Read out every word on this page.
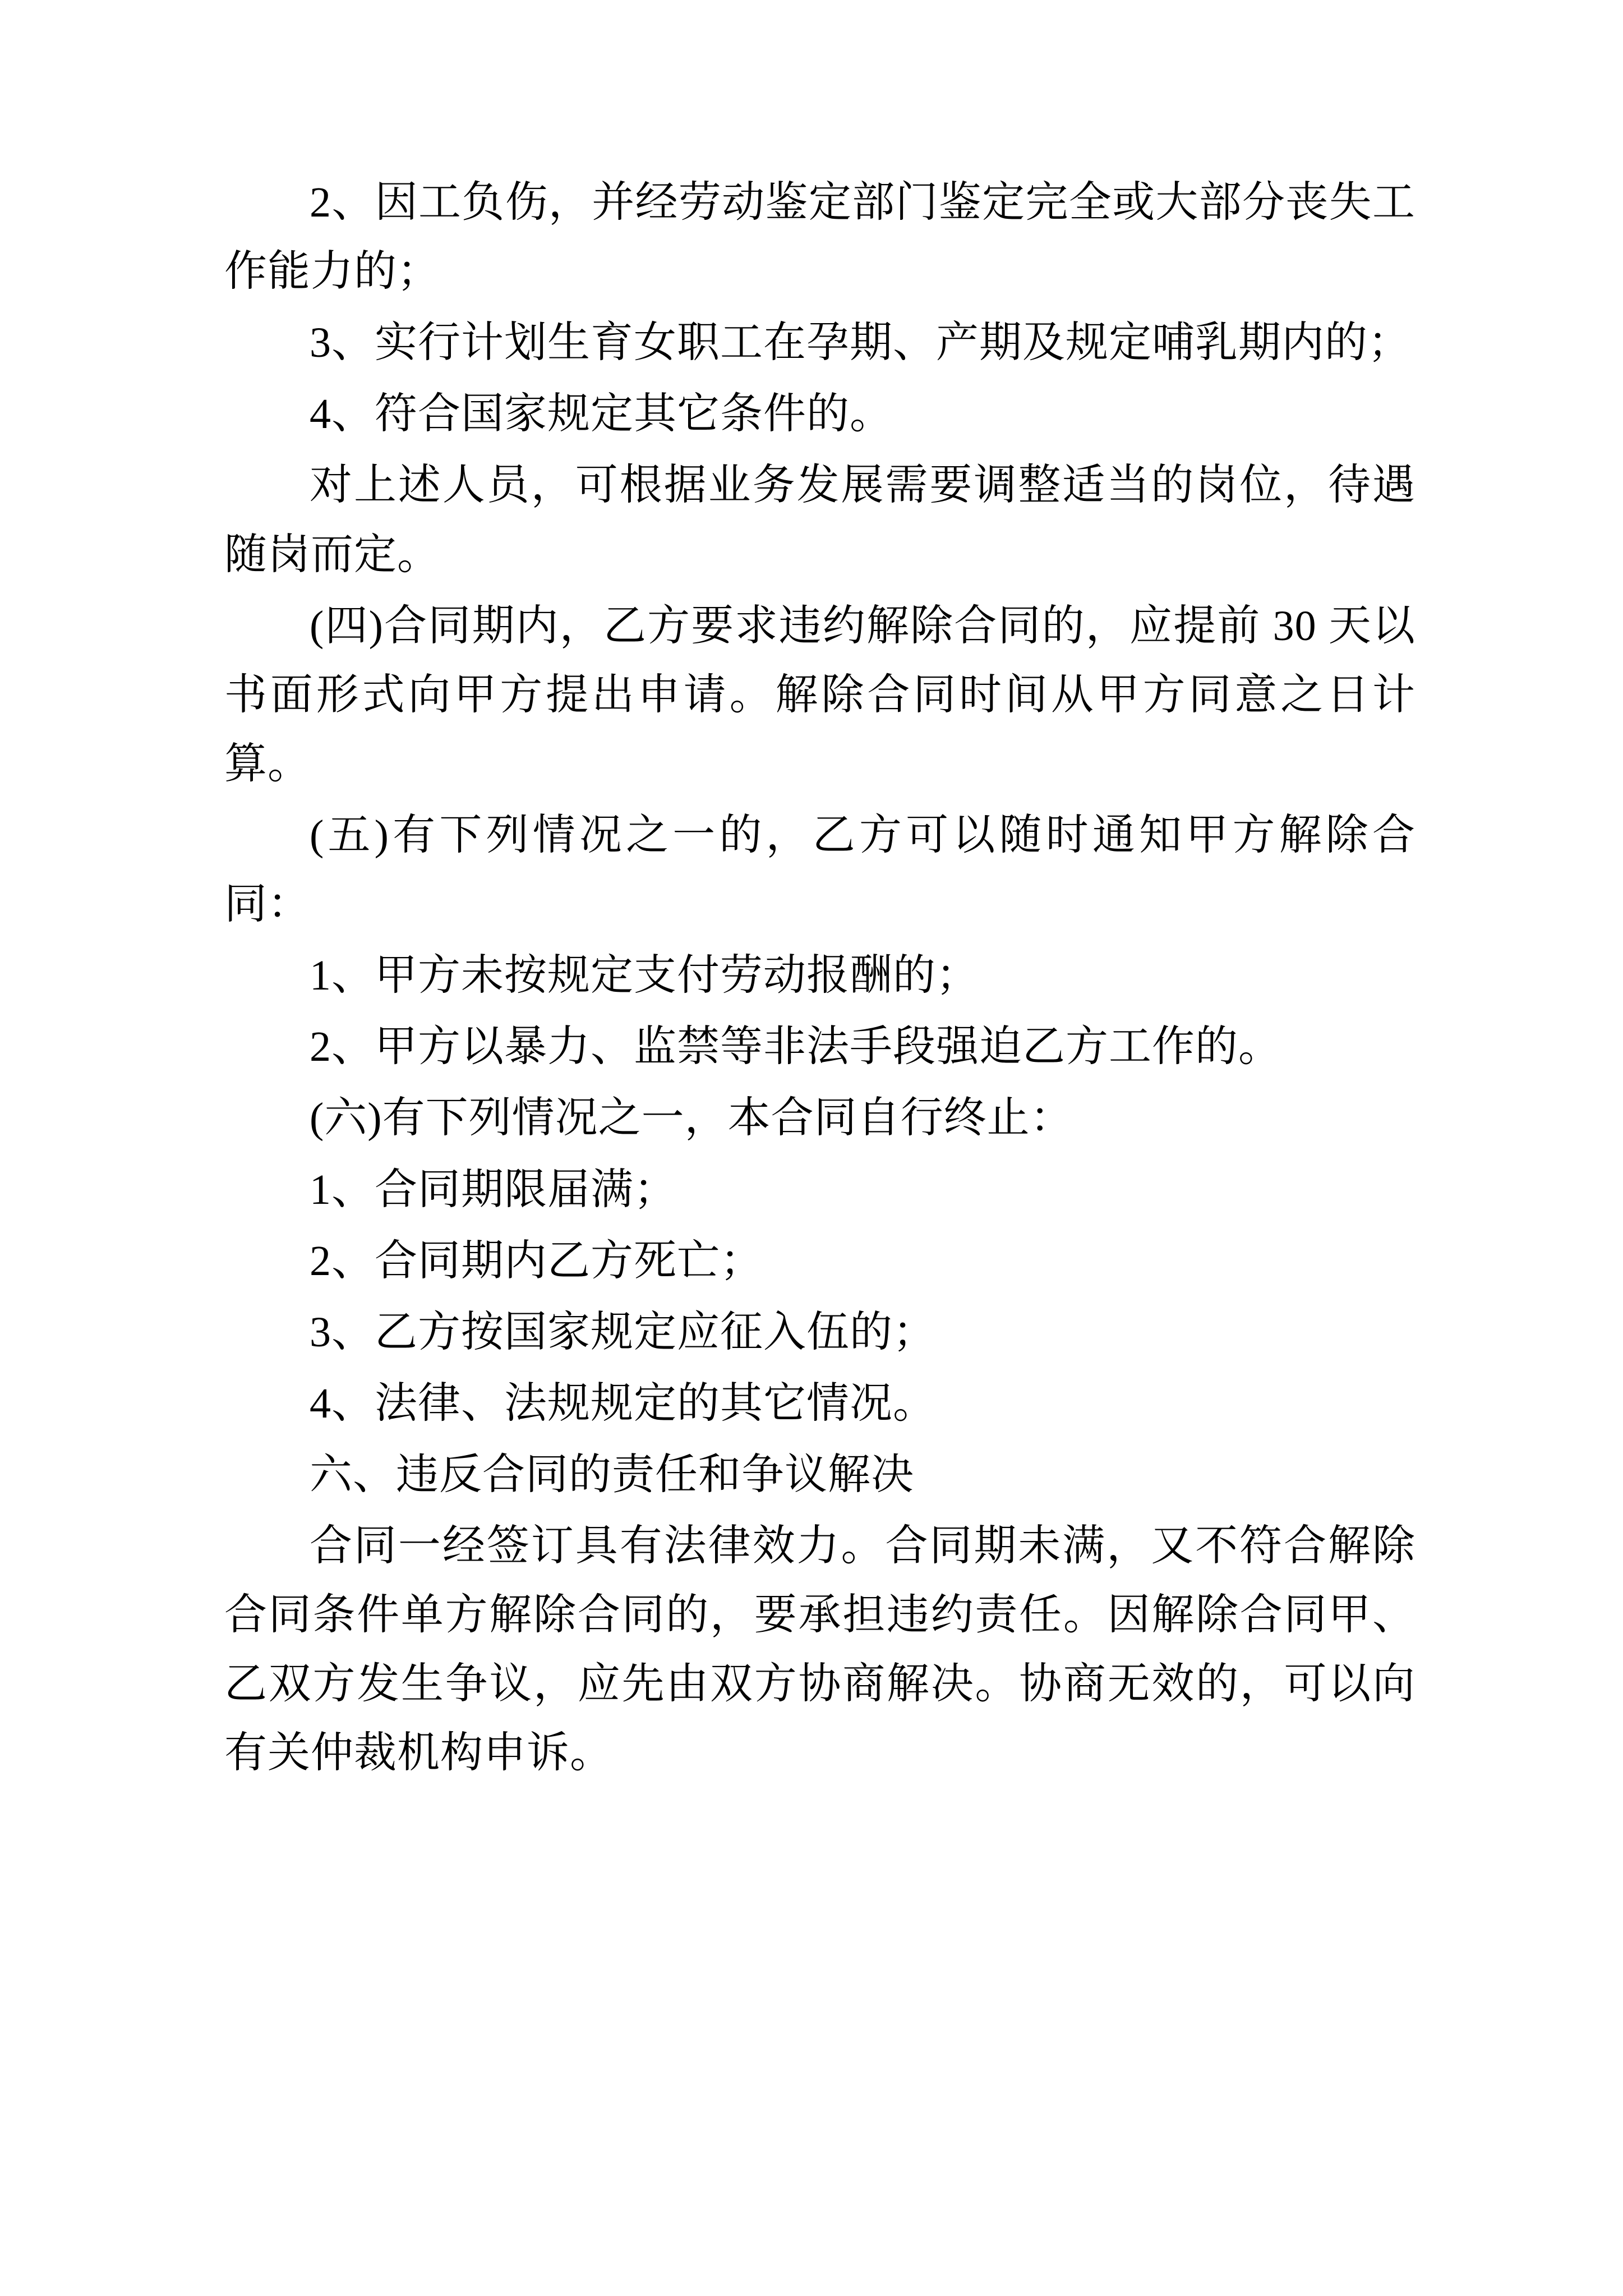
2、因工负伤，并经劳动鉴定部门鉴定完全或大部分丧失工作能力的；

3、实行计划生育女职工在孕期、产期及规定哺乳期内的；

4、符合国家规定其它条件的。

对上述人员，可根据业务发展需要调整适当的岗位，待遇随岗而定。

(四)合同期内，乙方要求违约解除合同的，应提前 30 天以书面形式向甲方提出申请。解除合同时间从甲方同意之日计算。

(五)有下列情况之一的，乙方可以随时通知甲方解除合同：

1、甲方未按规定支付劳动报酬的；

2、甲方以暴力、监禁等非法手段强迫乙方工作的。

(六)有下列情况之一，本合同自行终止：

1、合同期限届满；

2、合同期内乙方死亡；

3、乙方按国家规定应征入伍的；

4、法律、法规规定的其它情况。

六、违反合同的责任和争议解决

合同一经签订具有法律效力。合同期未满，又不符合解除合同条件单方解除合同的，要承担违约责任。因解除合同甲、乙双方发生争议，应先由双方协商解决。协商无效的，可以向有关仲裁机构申诉。
